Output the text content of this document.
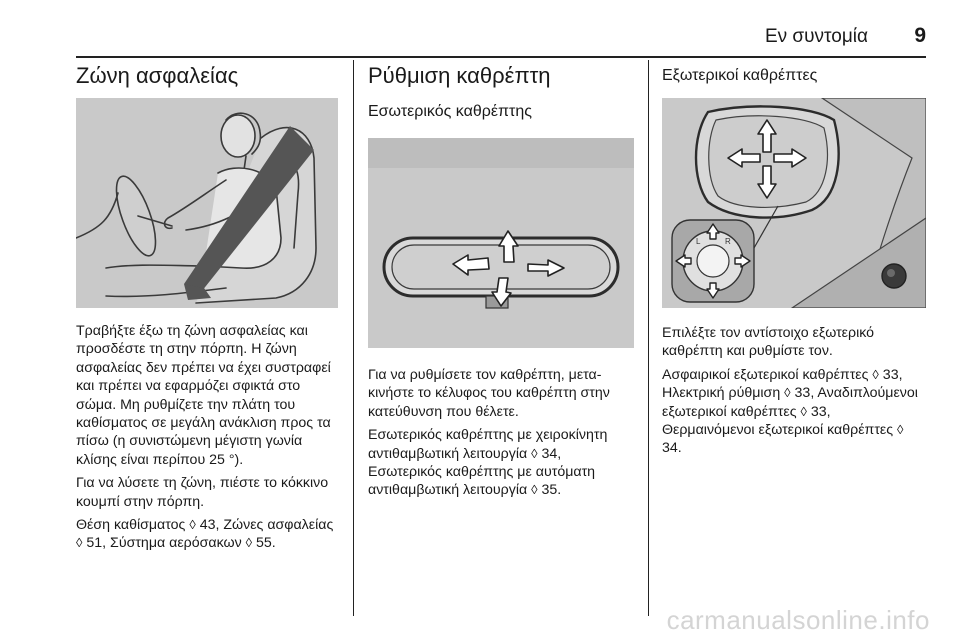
Εν συντομία 9
Ζώνη ασφαλείας

Τραβήξτε έξω τη ζώνη ασφαλείας και προσδέστε τη στην πόρπη. Η ζώνη ασφαλείας δεν πρέπει να έχει συστραφεί και πρέπει να εφαρμόζει σφικτά στο σώμα. Μη ρυθμίζετε την πλάτη του καθίσματος σε μεγάλη ανάκλιση προς τα πίσω (η συνιστώμενη μέγιστη γωνία κλίσης είναι περίπου 25 °).

Για να λύσετε τη ζώνη, πιέστε το κόκκινο κουμπί στην πόρπη.

Θέση καθίσματος ◊ 43, Ζώνες ασφαλείας ◊ 51, Σύστημα αερόσακων ◊ 55.

Ρύθμιση καθρέπτη
Εσωτερικός καθρέπτης

Για να ρυθμίσετε τον καθρέπτη, μετακινήστε το κέλυφος του καθρέπτη στην κατεύθυνση που θέλετε.

Εσωτερικός καθρέπτης με χειροκίνητη αντιθαμβωτική λειτουργία ◊ 34, Εσωτερικός καθρέπτης με αυτόματη αντιθαμβωτική λειτουργία ◊ 35.

Εξωτερικοί καθρέπτες
L	R

Επιλέξτε τον αντίστοιχο εξωτερικό καθρέπτη και ρυθμίστε τον.

Ασφαιρικοί εξωτερικοί καθρέπτες ◊ 33, Ηλεκτρική ρύθμιση ◊ 33, Αναδιπλούμενοι εξωτερικοί καθρέπτες ◊ 33, Θερμαινόμενοι εξωτερικοί καθρέπτες ◊ 34.

carmanualsonline.info
